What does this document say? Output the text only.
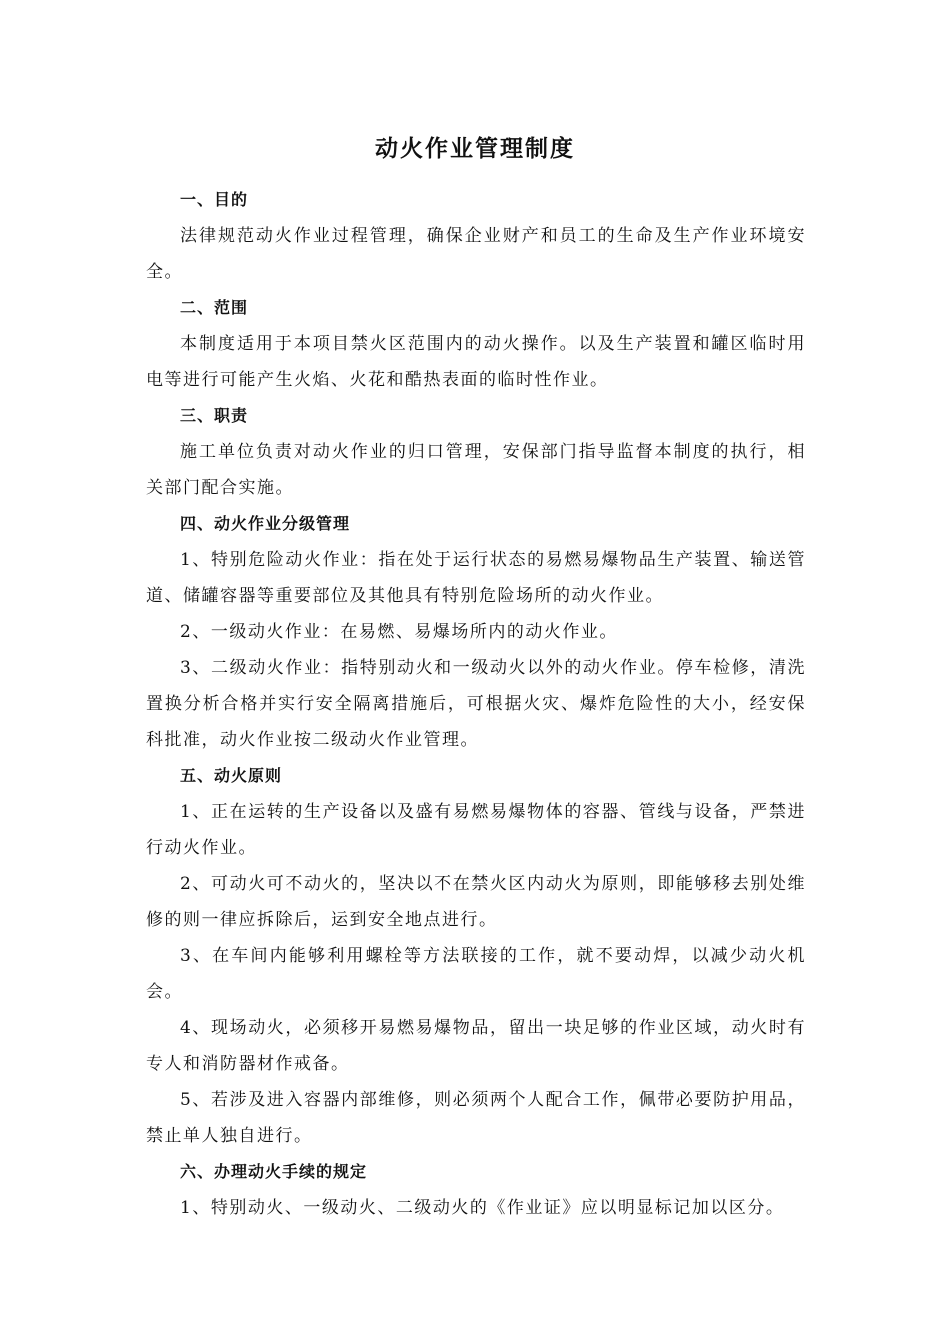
动火作业管理制度
一、目的

法律规范动火作业过程管理，确保企业财产和员工的生命及生产作业环境安全。

二、范围

本制度适用于本项目禁火区范围内的动火操作。以及生产装置和罐区临时用电等进行可能产生火焰、火花和酷热表面的临时性作业。

三、职责

施工单位负责对动火作业的归口管理，安保部门指导监督本制度的执行，相关部门配合实施。

四、动火作业分级管理

1、特别危险动火作业：指在处于运行状态的易燃易爆物品生产装置、输送管道、储罐容器等重要部位及其他具有特别危险场所的动火作业。

2、一级动火作业：在易燃、易爆场所内的动火作业。

3、二级动火作业：指特别动火和一级动火以外的动火作业。停车检修，清洗置换分析合格并实行安全隔离措施后，可根据火灾、爆炸危险性的大小，经安保科批准，动火作业按二级动火作业管理。

五、动火原则

1、正在运转的生产设备以及盛有易燃易爆物体的容器、管线与设备，严禁进行动火作业。

2、可动火可不动火的，坚决以不在禁火区内动火为原则，即能够移去别处维修的则一律应拆除后，运到安全地点进行。

3、在车间内能够利用螺栓等方法联接的工作，就不要动焊，以减少动火机会。

4、现场动火，必须移开易燃易爆物品，留出一块足够的作业区域，动火时有专人和消防器材作戒备。

5、若涉及进入容器内部维修，则必须两个人配合工作，佩带必要防护用品，禁止单人独自进行。

六、办理动火手续的规定

1、特别动火、一级动火、二级动火的《作业证》应以明显标记加以区分。
